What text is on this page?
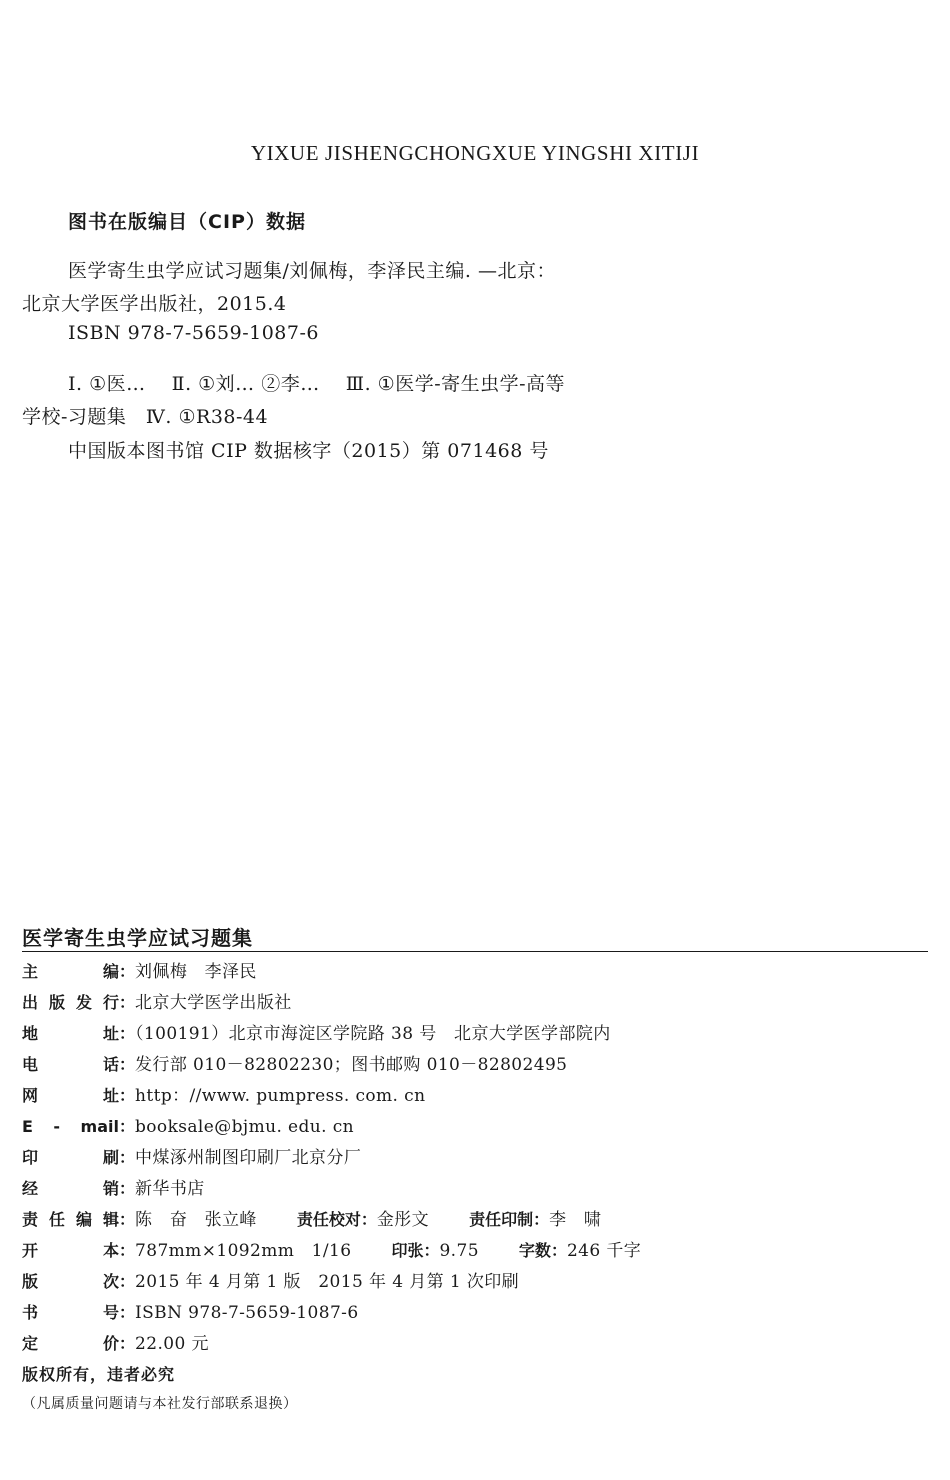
YIXUE JISHENGCHONGXUE YINGSHI XITIJI
图书在版编目（CIP）数据
医学寄生虫学应试习题集/刘佩梅，李泽民主编. —北京：
北京大学医学出版社，2015.4
ISBN 978-7-5659-1087-6
Ⅰ. ①医…　 Ⅱ. ①刘… ②李…　 Ⅲ. ①医学-寄生虫学-高等
学校-习题集　Ⅳ. ①R38-44
中国版本图书馆 CIP 数据核字（2015）第 071468 号
医学寄生虫学应试习题集
主　编：刘佩梅　李泽民
出版发行：北京大学医学出版社
地　址：（100191）北京市海淀区学院路 38 号　北京大学医学部院内
电　话：发行部 010－82802230；图书邮购 010－82802495
网　址：http：//www. pumpress. com. cn
E - mail：booksale@bjmu. edu. cn
印　刷：中煤涿州制图印刷厂北京分厂
经　销：新华书店
责任编辑：陈　奋　张立峰	责任校对：金彤文	责任印制：李　啸
开　本：787mm×1092mm　1/16	印张：9.75	字数：246 千字
版　次：2015 年 4 月第 1 版　2015 年 4 月第 1 次印刷
书　号：ISBN 978-7-5659-1087-6
定　价：22.00 元
版权所有，违者必究
（凡属质量问题请与本社发行部联系退换）
